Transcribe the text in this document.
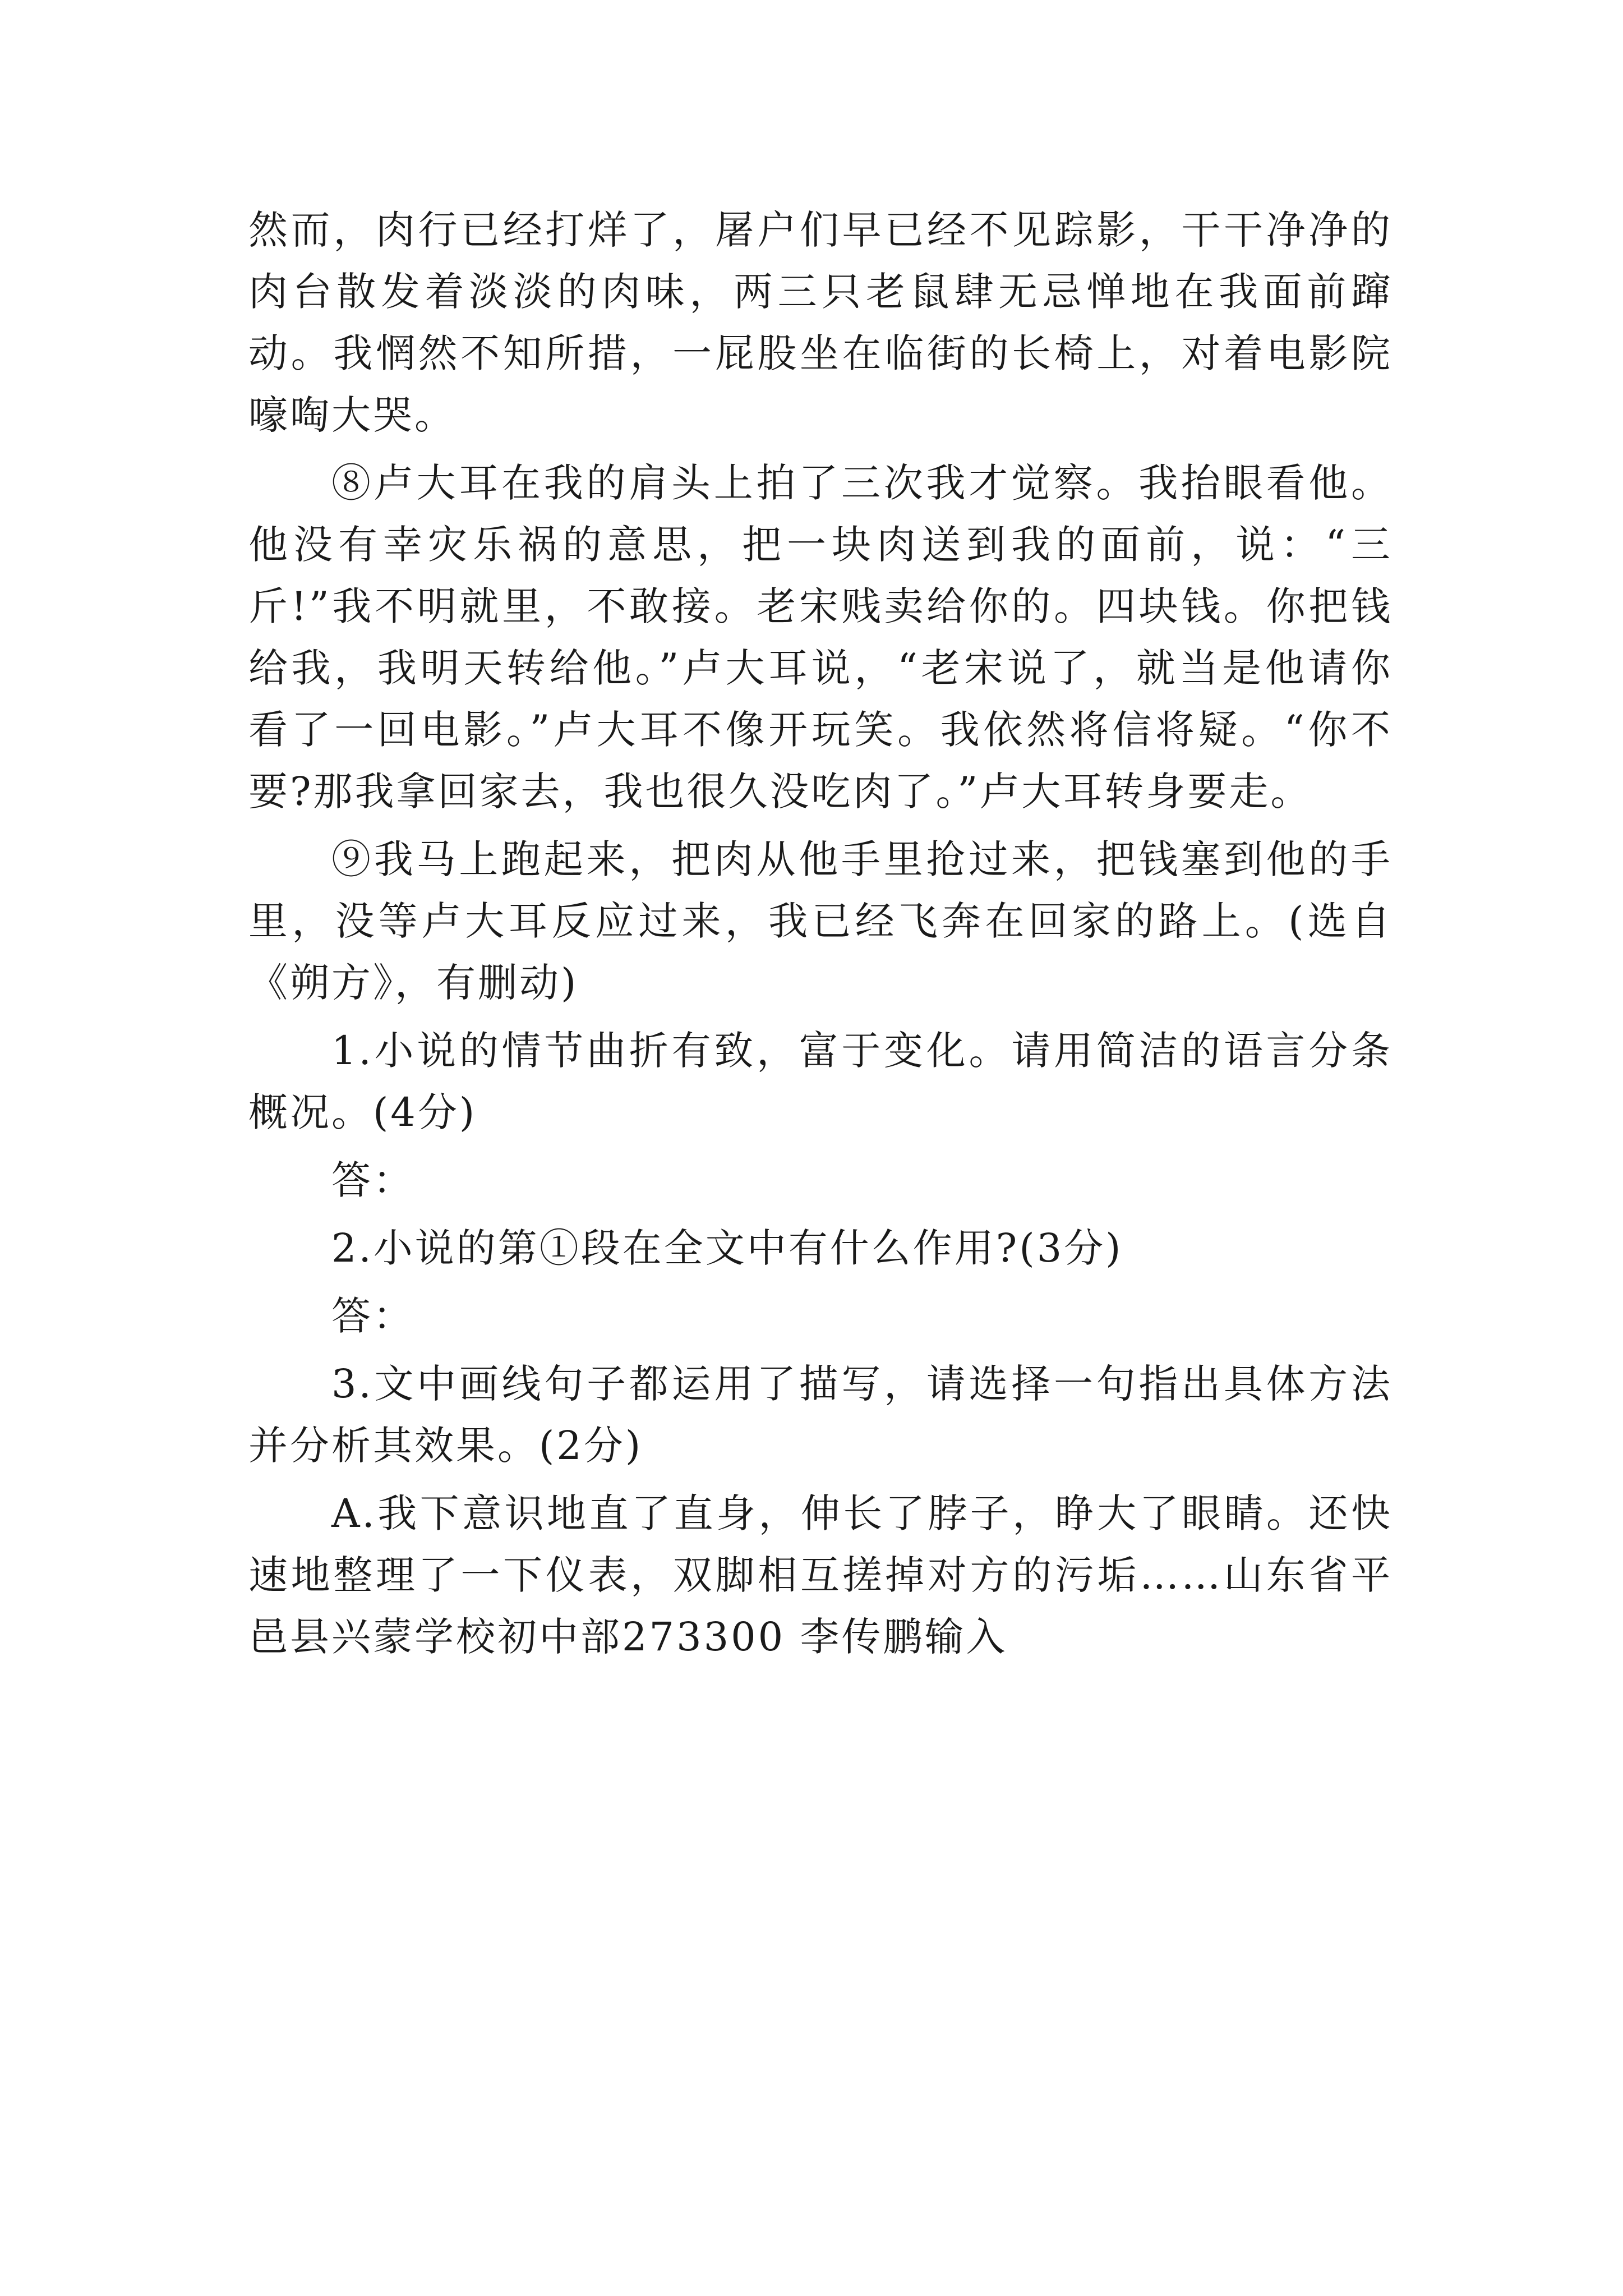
然而，肉行已经打烊了，屠户们早已经不见踪影，干干净净的肉台散发着淡淡的肉味，两三只老鼠肆无忌惮地在我面前蹿动。我惘然不知所措，一屁股坐在临街的长椅上，对着电影院嚎啕大哭。

⑧卢大耳在我的肩头上拍了三次我才觉察。我抬眼看他。他没有幸灾乐祸的意思，把一块肉送到我的面前，说：“三斤!”我不明就里，不敢接。老宋贱卖给你的。四块钱。你把钱给我，我明天转给他。”卢大耳说，“老宋说了，就当是他请你看了一回电影。”卢大耳不像开玩笑。我依然将信将疑。“你不要?那我拿回家去，我也很久没吃肉了。”卢大耳转身要走。

⑨我马上跑起来，把肉从他手里抢过来，把钱塞到他的手里，没等卢大耳反应过来，我已经飞奔在回家的路上。(选自《朔方》，有删动)

1.小说的情节曲折有致，富于变化。请用简洁的语言分条概况。(4分)

答：

2.小说的第①段在全文中有什么作用?(3分)

答：

3.文中画线句子都运用了描写，请选择一句指出具体方法并分析其效果。(2分)

A.我下意识地直了直身，伸长了脖子，睁大了眼睛。还快速地整理了一下仪表，双脚相互搓掉对方的污垢……山东省平邑县兴蒙学校初中部273300 李传鹏输入
